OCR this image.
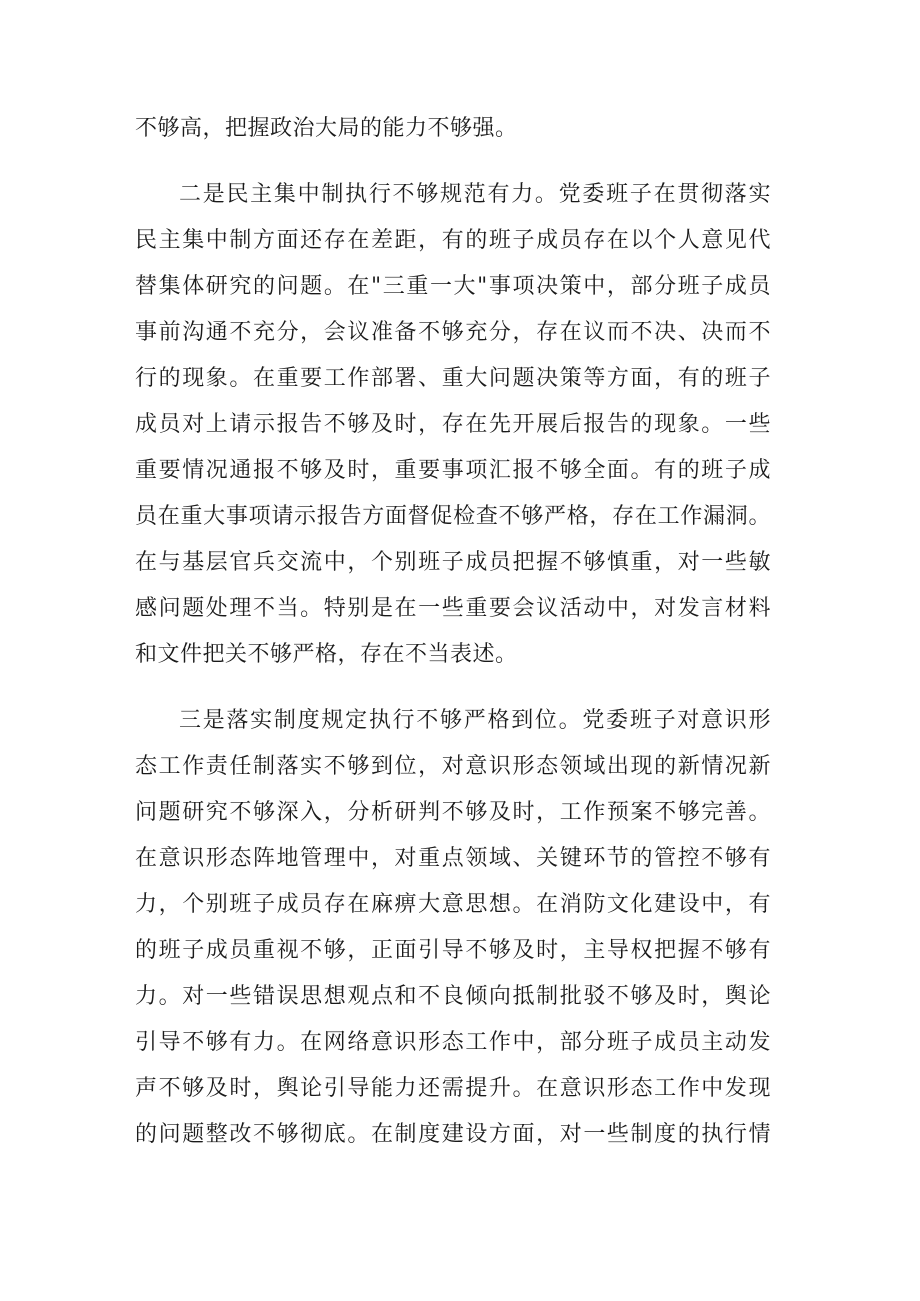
不够高，把握政治大局的能力不够强。
二是民主集中制执行不够规范有力。党委班子在贯彻落实
民主集中制方面还存在差距，有的班子成员存在以个人意见代
替集体研究的问题。在"三重一大"事项决策中，部分班子成员
事前沟通不充分，会议准备不够充分，存在议而不决、决而不
行的现象。在重要工作部署、重大问题决策等方面，有的班子
成员对上请示报告不够及时，存在先开展后报告的现象。一些
重要情况通报不够及时，重要事项汇报不够全面。有的班子成
员在重大事项请示报告方面督促检查不够严格，存在工作漏洞。
在与基层官兵交流中，个别班子成员把握不够慎重，对一些敏
感问题处理不当。特别是在一些重要会议活动中，对发言材料
和文件把关不够严格，存在不当表述。
三是落实制度规定执行不够严格到位。党委班子对意识形
态工作责任制落实不够到位，对意识形态领域出现的新情况新
问题研究不够深入，分析研判不够及时，工作预案不够完善。
在意识形态阵地管理中，对重点领域、关键环节的管控不够有
力，个别班子成员存在麻痹大意思想。在消防文化建设中，有
的班子成员重视不够，正面引导不够及时，主导权把握不够有
力。对一些错误思想观点和不良倾向抵制批驳不够及时，舆论
引导不够有力。在网络意识形态工作中，部分班子成员主动发
声不够及时，舆论引导能力还需提升。在意识形态工作中发现
的问题整改不够彻底。在制度建设方面，对一些制度的执行情
